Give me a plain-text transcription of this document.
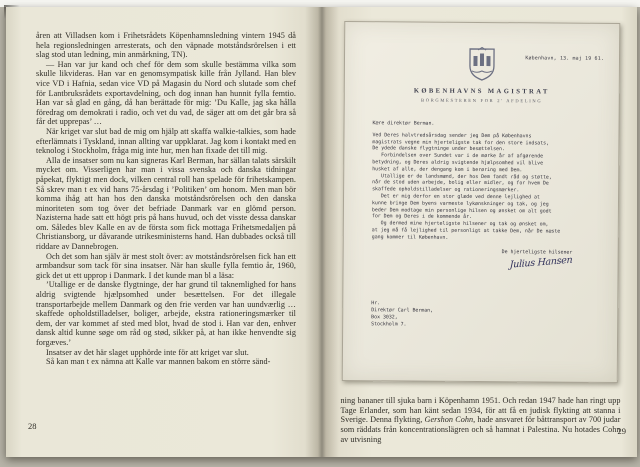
åren att Villadsen kom i Frihetsrådets Köpenhamnsledning vintern 1945 då hela regionsledningen arresterats, och den väpnade motståndsrörelsen i ett slag stod utan ledning, min anmärkning, TN).

— Han var jur kand och chef för dem som skulle bestämma vilka som skulle likvideras. Han var en genomsympatisk kille från Jylland. Han blev vice VD i Hafnia, sedan vice VD på Magasin du Nord och slutade som chef för Lantbruksrådets exportavdelning, och dog innan han hunnit fylla femtio. Han var så glad en gång, då han berättade för mig: ’Du Kalle, jag ska hålla föredrag om demokrati i radio, och vet du vad, de säger att om det går bra så får det upprepas’ …

När kriget var slut bad de mig om hjälp att skaffa walkie-talkies, som hade efterlämnats i Tyskland, innan allting var uppklarat. Jag kom i kontakt med en teknolog i Stockholm, fråga mig inte hur, men han fixade det till mig.

Alla de insatser som nu kan signeras Karl Berman, har sällan talats särskilt mycket om. Visserligen har man i vissa svenska och danska tidningar påpekat, flyktigt men dock, vilken central roll han spelade för frihetskampen. Så skrev man t ex vid hans 75-årsdag i ’Politiken’ om honom. Men man bör komma ihåg att han hos den danska motståndsrörelsen och den danska minoriteten som tog över det befriade Danmark var en glömd person. Nazisterna hade satt ett högt pris på hans huvud, och det visste dessa danskar om. Således blev Kalle en av de första som fick mottaga Frihetsmedaljen på Christiansborg, ur dåvarande utrikesministerns hand. Han dubbades också till riddare av Dannebrogen.

Och det som han själv är mest stolt över: av motståndsrörelsen fick han ett armbandsur som tack för sina insatser. När han skulle fylla femtio år, 1960, gick det ut ett upprop i Danmark. I det kunde man bl a läsa:

’Utallige er de danske flygtninge, der har grund til taknemlighed for hans aldrig svigtende hjælpsomhed under besættelsen. For det illegale transportarbejde mellem Danmark og den frie verden var han uundværlig … skaffede opholdstilladelser, boliger, arbejde, ekstra rationeringsmærker til dem, der var kommet af sted med blot, hvad de stod i. Han var den, enhver dansk altid kunne søge om råd og stød, sikker på, at han ikke henvendte sig forgæves.’

Insatser av det här slaget upphörde inte för att kriget var slut.

Så kan man t ex nämna att Kalle var mannen bakom en större sänd-

28
København, 13. maj 19 61.
KØBENHAVNS MAGISTRAT
BORGMESTEREN FOR 2' AFDELING
Kære direktør Berman.
Ved Deres halvtredsårsdag sender jeg Dem på Københavns
magistrats vegne min hjerteligste tak for den store indsats,
De ydede danske flygtninge under besættelsen.
Forbindelsen over Sundet var i de mørke år af afgørende
betydning, og Deres aldrig svigtende hjælpsomhed vil blive
husket af alle, der dengang kom i berøring med Dem.
Utallige er de landsmænd, der hos Dem fandt råd og støtte,
når de stod uden arbejde, bolig eller midler, og for hvem De
skaffede opholdstilladelser og rationeringsmærker.
Det er mig derfor en stor glæde ved denne lejlighed at
kunne bringe Dem byens varmeste lykønskninger og tak, og jeg
beder Dem modtage min personlige hilsen og ønsket om alt godt
for Dem og Deres i de kommende år.
Og dermed mine hjerteligste hilsener og tak og ønsket om,
at jeg må få lejlighed til personligt at takke Dem, når De næste
gang kommer til København.
De hjerteligste hilsener
Julius Hansen
Hr.
Direktør Carl Berman,
Box 3032,
Stockholm 7.

ning bananer till sjuka barn i Köpenhamn 1951. Och redan 1947 hade han ringt upp Tage Erlander, som han känt sedan 1934, för att få en judisk flykting att stanna i Sverige. Denna flykting, Gershon Cohn, hade ansvaret för båttransport av 700 judar som räddats från koncentrationslägren och så hamnat i Palestina. Nu hotades Cohn av utvisning

29
